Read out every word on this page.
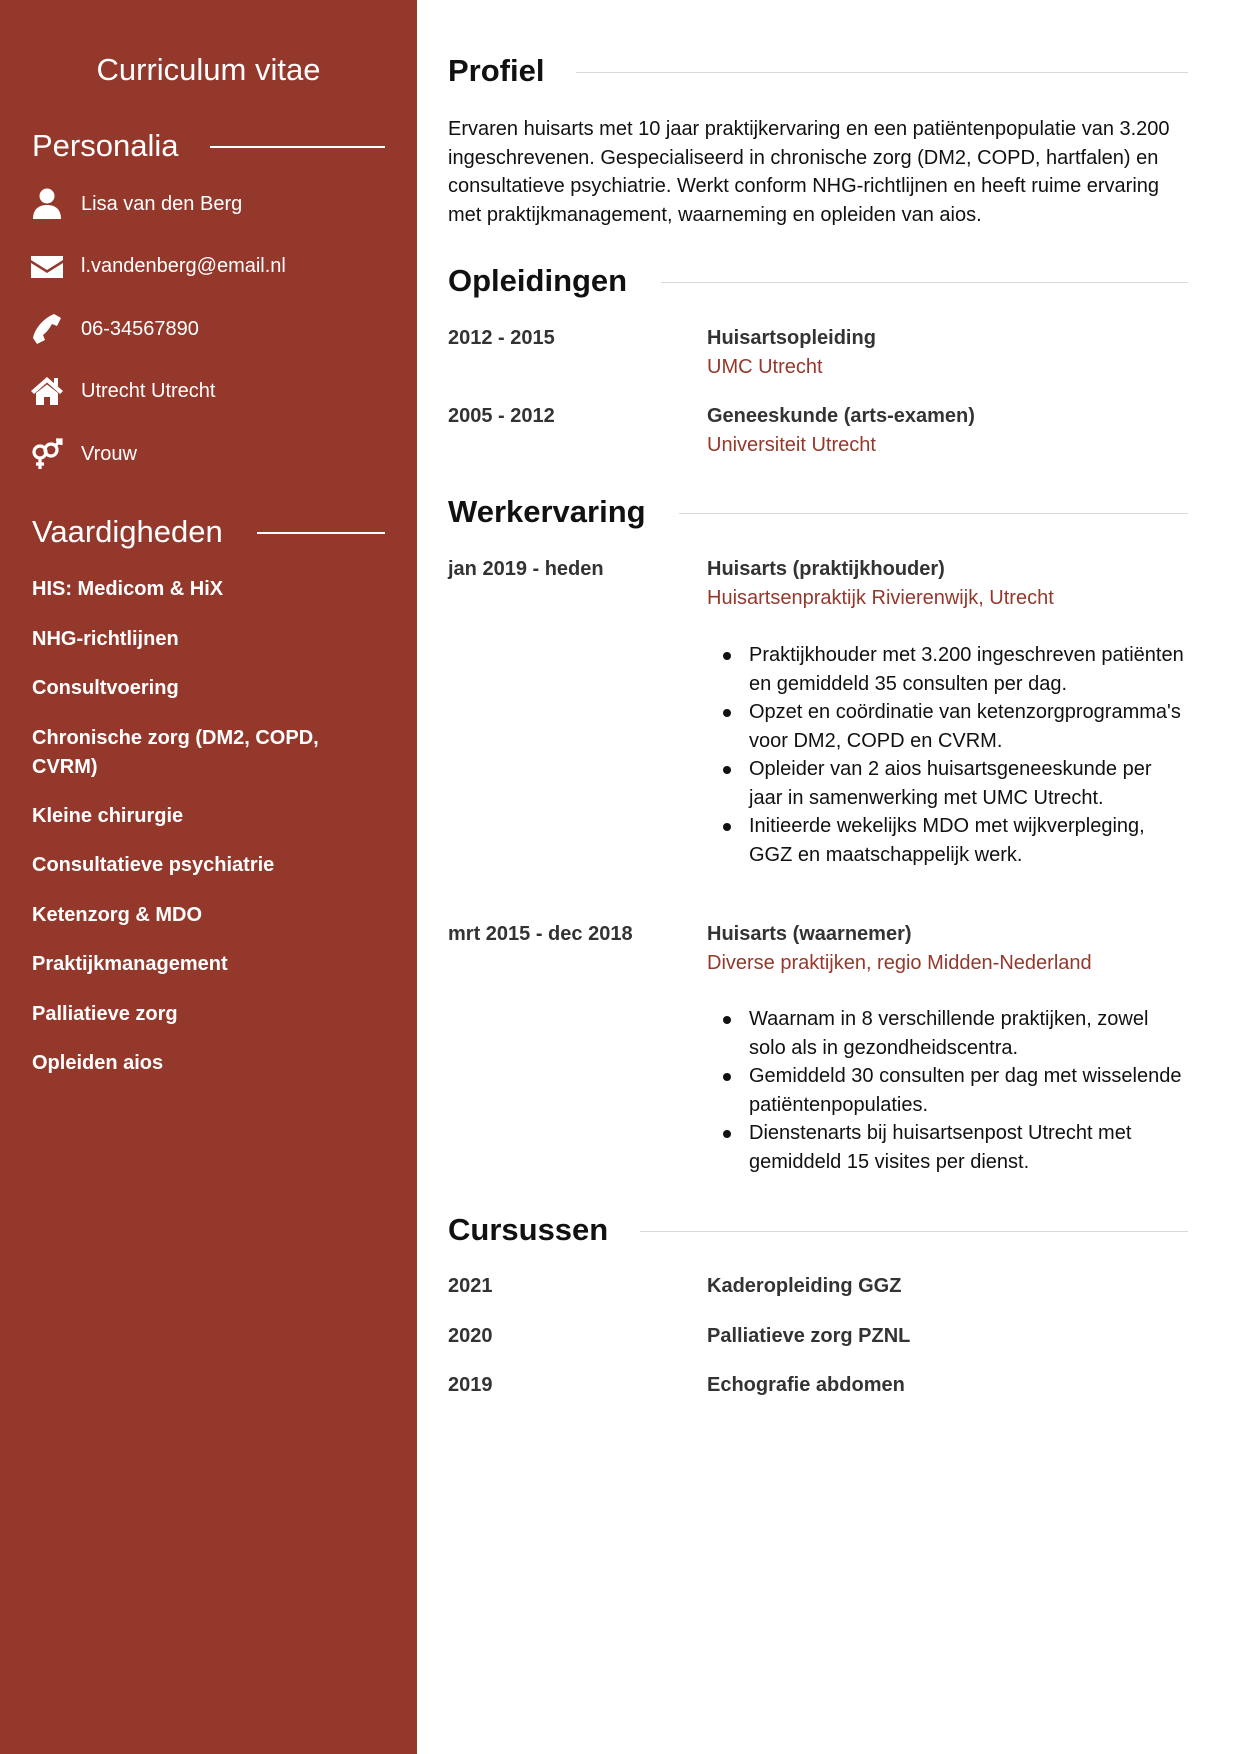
Curriculum vitae
Personalia
Lisa van den Berg
l.vandenberg@email.nl
06-34567890
Utrecht Utrecht
Vrouw
Vaardigheden
HIS: Medicom & HiX
NHG-richtlijnen
Consultvoering
Chronische zorg (DM2, COPD, CVRM)
Kleine chirurgie
Consultatieve psychiatrie
Ketenzorg & MDO
Praktijkmanagement
Palliatieve zorg
Opleiden aios
Profiel

Ervaren huisarts met 10 jaar praktijkervaring en een patiëntenpopulatie van 3.200 ingeschrevenen. Gespecialiseerd in chronische zorg (DM2, COPD, hartfalen) en consultatieve psychiatrie. Werkt conform NHG-richtlijnen en heeft ruime ervaring met praktijkmanagement, waarneming en opleiden van aios.

Opleidingen
2012 - 2015	Huisartsopleiding
UMC Utrecht
2005 - 2012	Geneeskunde (arts-examen)
Universiteit Utrecht
Werkervaring
jan 2019 - heden	Huisarts (praktijkhouder)
Huisartsenpraktijk Rivierenwijk, Utrecht
Praktijkhouder met 3.200 ingeschreven patiënten en gemiddeld 35 consulten per dag.
Opzet en coördinatie van ketenzorgprogramma's voor DM2, COPD en CVRM.
Opleider van 2 aios huisartsgeneeskunde per jaar in samenwerking met UMC Utrecht.
Initieerde wekelijks MDO met wijkverpleging, GGZ en maatschappelijk werk.
mrt 2015 - dec 2018	Huisarts (waarnemer)
Diverse praktijken, regio Midden-Nederland
Waarnam in 8 verschillende praktijken, zowel solo als in gezondheidscentra.
Gemiddeld 30 consulten per dag met wisselende patiëntenpopulaties.
Dienstenarts bij huisartsenpost Utrecht met gemiddeld 15 visites per dienst.
Cursussen
2021	Kaderopleiding GGZ
2020	Palliatieve zorg PZNL
2019	Echografie abdomen
